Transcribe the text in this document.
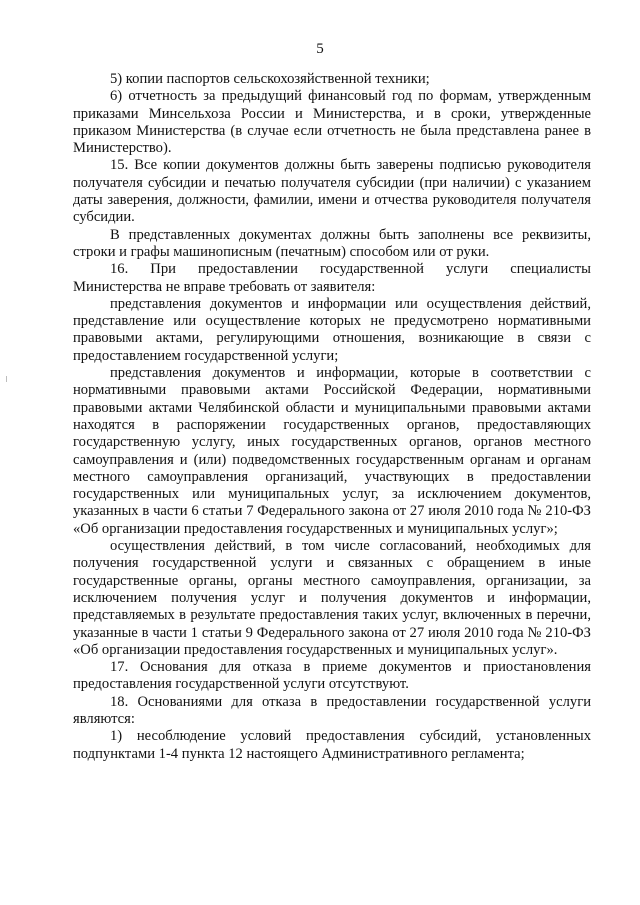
5

5) копии паспортов сельскохозяйственной техники;

6) отчетность за предыдущий финансовый год по формам, утвержденным приказами Минсельхоза России и Министерства, и в сроки, утвержденные приказом Министерства (в случае если отчетность не была представлена ранее в Министерство).

15. Все копии документов должны быть заверены подписью руководителя получателя субсидии и печатью получателя субсидии (при наличии) с указанием даты заверения, должности, фамилии, имени и отчества руководителя получателя субсидии.

В представленных документах должны быть заполнены все реквизиты, строки и графы машинописным (печатным) способом или от руки.

16. При предоставлении государственной услуги специалисты Министерства не вправе требовать от заявителя:

представления документов и информации или осуществления действий, представление или осуществление которых не предусмотрено нормативными правовыми актами, регулирующими отношения, возникающие в связи с предоставлением государственной услуги;

представления документов и информации, которые в соответствии с нормативными правовыми актами Российской Федерации, нормативными правовыми актами Челябинской области и муниципальными правовыми актами находятся в распоряжении государственных органов, предоставляющих государственную услугу, иных государственных органов, органов местного самоуправления и (или) подведомственных государственным органам и органам местного самоуправления организаций, участвующих в предоставлении государственных или муниципальных услуг, за исключением документов, указанных в части 6 статьи 7 Федерального закона от 27 июля 2010 года № 210-ФЗ «Об организации предоставления государственных и муниципальных услуг»;

осуществления действий, в том числе согласований, необходимых для получения государственной услуги и связанных с обращением в иные государственные органы, органы местного самоуправления, организации, за исключением получения услуг и получения документов и информации, представляемых в результате предоставления таких услуг, включенных в перечни, указанные в части 1 статьи 9 Федерального закона от 27 июля 2010 года № 210-ФЗ «Об организации предоставления государственных и муниципальных услуг».

17. Основания для отказа в приеме документов и приостановления предоставления государственной услуги отсутствуют.

18. Основаниями для отказа в предоставлении государственной услуги являются:

1) несоблюдение условий предоставления субсидий, установленных подпунктами 1-4 пункта 12 настоящего Административного регламента;
